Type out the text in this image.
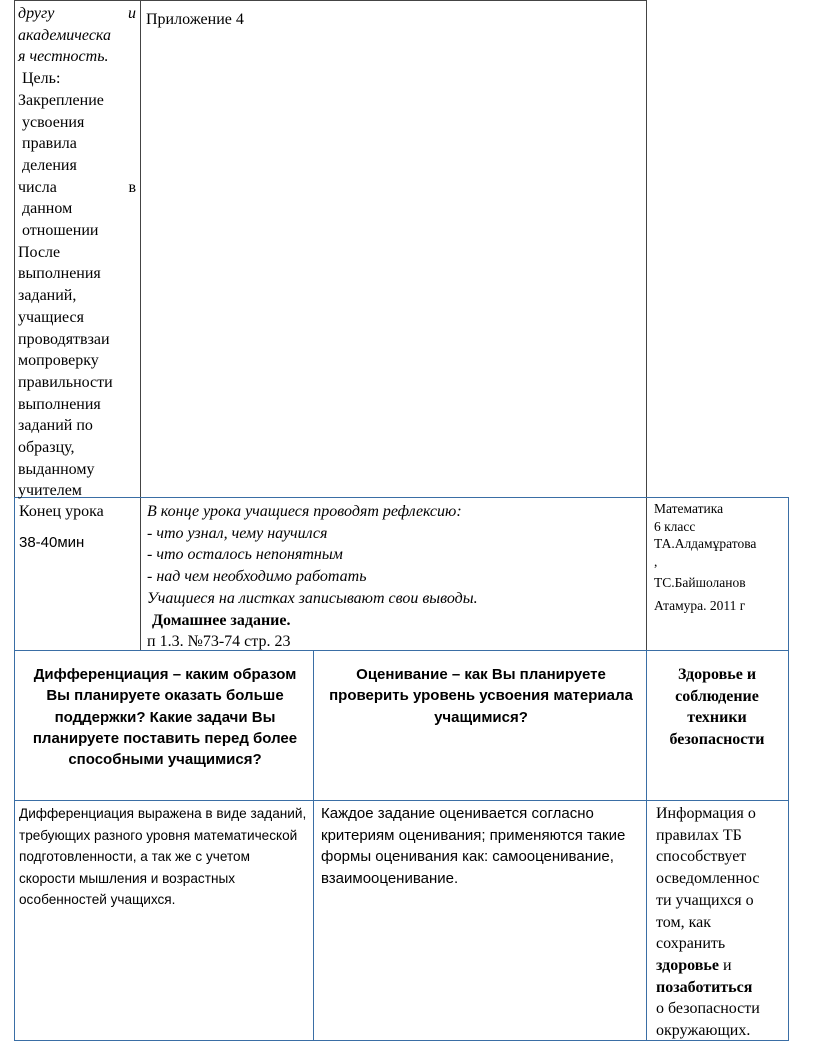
другу	и

академическа

я честность.

Цель:

Закрепление

усвоения

правила

деления

числа	в

данном

отношении

После

выполнения

заданий,

учащиеся

проводятвзаи

мопроверку

правильности

выполнения

заданий по

образцу,

выданному

учителем

Приложение 4

Конец урока

38-40мин

В конце урока учащиеся проводят рефлексию:

- что узнал, чему научился

- что осталось непонятным

- над чем необходимо работать

Учащиеся на листках записывают свои выводы.

Домашнее задание.

п 1.3. №73-74 стр. 23

Математика

6 класс

ТА.Алдамұратова

,

ТС.Байшоланов

Атамура. 2011 г

Дифференциация – каким образом Вы планируете оказать больше поддержки? Какие задачи Вы планируете поставить перед более способными учащимися?
Оценивание – как Вы планируете проверить уровень усвоения материала учащимися?
Здоровье и соблюдение техники безопасности
Дифференциация выражена в виде заданий, требующих разного уровня математической подготовленности, а так же с учетом скорости мышления и возрастных особенностей учащихся.
Каждое задание оценивается согласно критериям оценивания; применяются такие формы оценивания как: самооценивание, взаимооценивание.

Информация о

правилах ТБ

способствует

осведомленнос

ти учащихся о

том, как

сохранить

здоровье и

позаботиться

о безопасности

окружающих.
